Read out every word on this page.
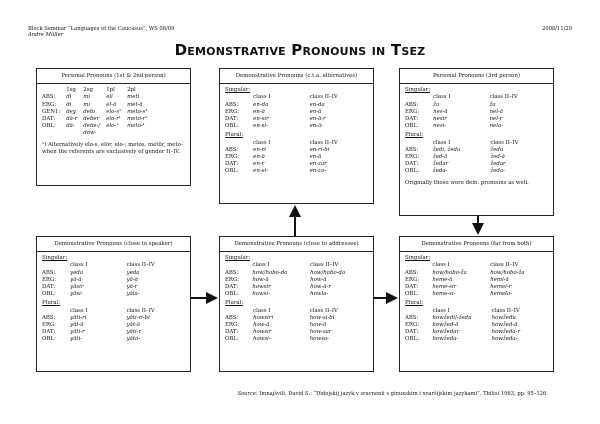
Block Seminar “Languages of the Caucasus”, WS 08/09
André Müller
2008/11/29
Demonstrative Pronouns in Tsez
Personal Pronouns (1st & 2nd person)
	1sg	2sg	1pl	2pl
ABS:	di	mi	eli	meti
ERG:	di	mi	el-ā	met-ā
GEN1:	dey	debi	elo-s¹	meto-s¹
DAT:	dā-r	deber	elo-r¹	meto-r¹
OBL:	dā-	debe-/	elo-¹	meto-¹
		dow-		
¹) Alternatively elo-s, elōr, elo-; metos, metōr, meto- when the referents are exclusively of gender II–IV.
Demonstrative Pronouns (c.t.a. alternatives)
Singular:
	class I	class II–IV
ABS:	en-da	en-da
ERG:	en-ā	en-ā
DAT:	en-sir	en-ā-r
OBL:	en-si-	en-ā-
Plural:
	class I	class II–IV
ABS:	en-ri	en-ri-bi
ERG:	en-ā	en-ā
DAT:	en-r	en-zar
OBL:	en-si-	en-za-
Personal Pronouns (3rd person)
Singular:
	class I	class II–IV
ABS:	ža	ža
ERG:	nes-ā	nel-ā
DAT:	nesir	nel-r
OBL:	nesi-	nela-
Plural:
	class I	class II–IV
ABS:	žedi, žedu	žedu
ERG:	žed-ā	žed-ā
DAT:	žedar	žedar
OBL:	žeda-	žeda-
Originally those were dem. pronouns as well.
Demonstrative Pronouns (close to speaker)
Singular:
	class I	class II–IV
ABS:	yeda	yeda
ERG:	yā-ā	yā-ā
DAT:	yāsir	yā-r
OBL:	yāsi-	yāla-
Plural:
	class I	class II–IV
ABS:	yāti-ri	yāti-ri-bi
ERG:	yāt-ā	yāt-ā
DAT:	yāti-r	yāti-r
OBL:	yāti-	yāta-
Demonstrative Pronouns (close to addressee)
Singular:
	class I	class II–IV
ABS:	how/hobo-da	how/hobo-da
ERG:	how-ā	how-ā
DAT:	howsir	how-ā-r
OBL:	howsi-	howla-
Plural:
	class I	class II–IV
ABS:	howsiri	how-si-bi
ERG:	how-ā	how-ā
DAT:	howsir	how-sar
OBL:	howsi-	howsa-
Demonstrative Pronouns (far from both)
Singular:
	class I	class II–IV
ABS:	how/hobo-ža	how/hobo-ža
ERG:	heme-ā	heml-ā
DAT:	heme-sir	hemel-r
OBL:	heme-si-	hemela-
Plural:
	class I	class II–IV
ABS:	howžedi/-žedu	howžedu
ERG:	howžed-ā	howžed-ā
DAT:	howžedar	howžeda-r
OBL:	howžeda-	howžeda-
Source: Imnajšvili, David S.: “Didojskij jazyk v sravnenii s ginuxskim i xvaršijskim jazykami”. Tbilisi 1963, pp. 95–126.
